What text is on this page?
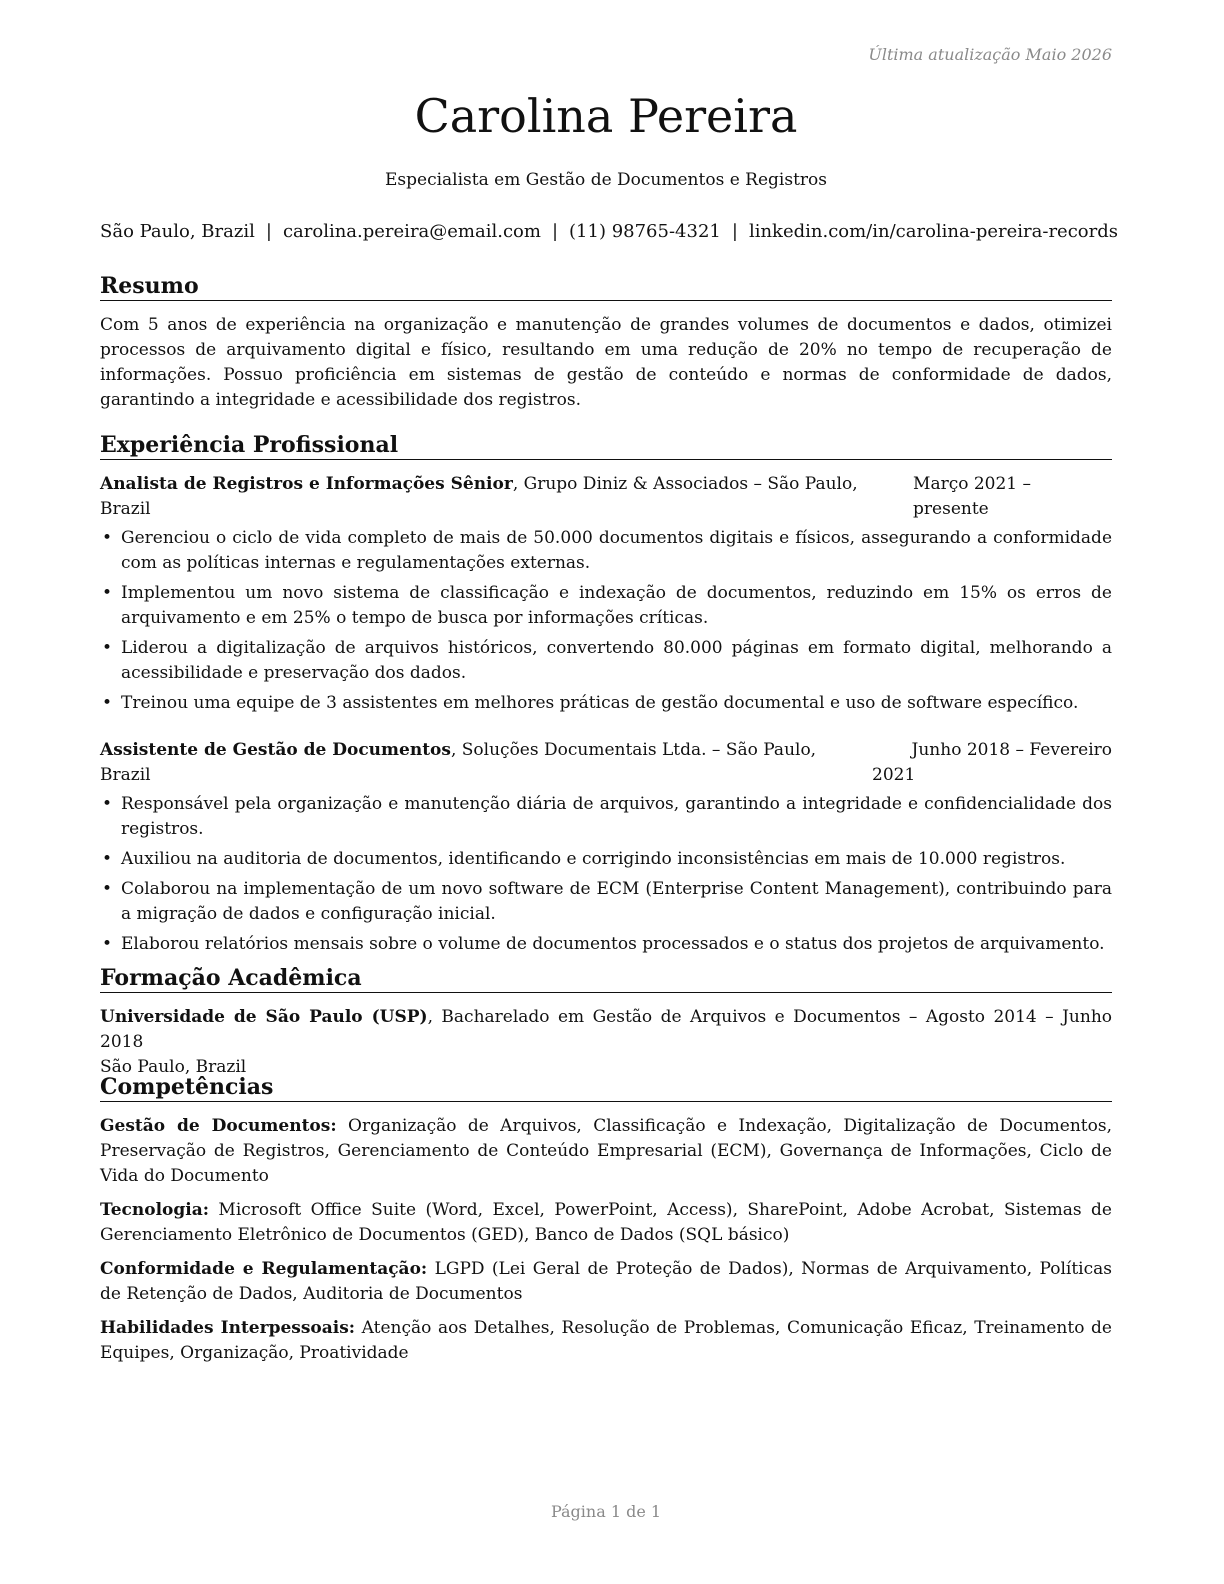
Última atualização Maio 2026
Carolina Pereira
Especialista em Gestão de Documentos e Registros
São Paulo, Brazil | carolina.pereira@email.com | (11) 98765-4321 | linkedin.com/in/carolina-pereira-records
Resumo

Com 5 anos de experiência na organização e manutenção de grandes volumes de documentos e dados, otimizei processos de arquivamento digital e físico, resultando em uma redução de 20% no tempo de recuperação de informações. Possuo proficiência em sistemas de gestão de conteúdo e normas de conformidade de dados, garantindo a integridade e acessibilidade dos registros.

Experiência Profissional
Analista de Registros e Informações Sênior, Grupo Diniz & Associados – São Paulo, Brazil
Março 2021 – presente
• Gerenciou o ciclo de vida completo de mais de 50.000 documentos digitais e físicos, assegurando a conformidade com as políticas internas e regulamentações externas.
• Implementou um novo sistema de classificação e indexação de documentos, reduzindo em 15% os erros de arquivamento e em 25% o tempo de busca por informações críticas.
• Liderou a digitalização de arquivos históricos, convertendo 80.000 páginas em formato digital, melhorando a acessibilidade e preservação dos dados.
• Treinou uma equipe de 3 assistentes em melhores práticas de gestão documental e uso de software específico.
Assistente de Gestão de Documentos, Soluções Documentais Ltda. – São Paulo, Brazil
Junho 2018 – Fevereiro 2021
• Responsável pela organização e manutenção diária de arquivos, garantindo a integridade e confidencialidade dos registros.
• Auxiliou na auditoria de documentos, identificando e corrigindo inconsistências em mais de 10.000 registros.
• Colaborou na implementação de um novo software de ECM (Enterprise Content Management), contribuindo para a migração de dados e configuração inicial.
• Elaborou relatórios mensais sobre o volume de documentos processados e o status dos projetos de arquivamento.
Formação Acadêmica

Universidade de São Paulo (USP), Bacharelado em Gestão de Arquivos e Documentos – Agosto 2014 – Junho 2018
São Paulo, Brazil

Competências

Gestão de Documentos: Organização de Arquivos, Classificação e Indexação, Digitalização de Documentos, Preservação de Registros, Gerenciamento de Conteúdo Empresarial (ECM), Governança de Informações, Ciclo de Vida do Documento

Tecnologia: Microsoft Office Suite (Word, Excel, PowerPoint, Access), SharePoint, Adobe Acrobat, Sistemas de Gerenciamento Eletrônico de Documentos (GED), Banco de Dados (SQL básico)

Conformidade e Regulamentação: LGPD (Lei Geral de Proteção de Dados), Normas de Arquivamento, Políticas de Retenção de Dados, Auditoria de Documentos

Habilidades Interpessoais: Atenção aos Detalhes, Resolução de Problemas, Comunicação Eficaz, Treinamento de Equipes, Organização, Proatividade

Página 1 de 1
